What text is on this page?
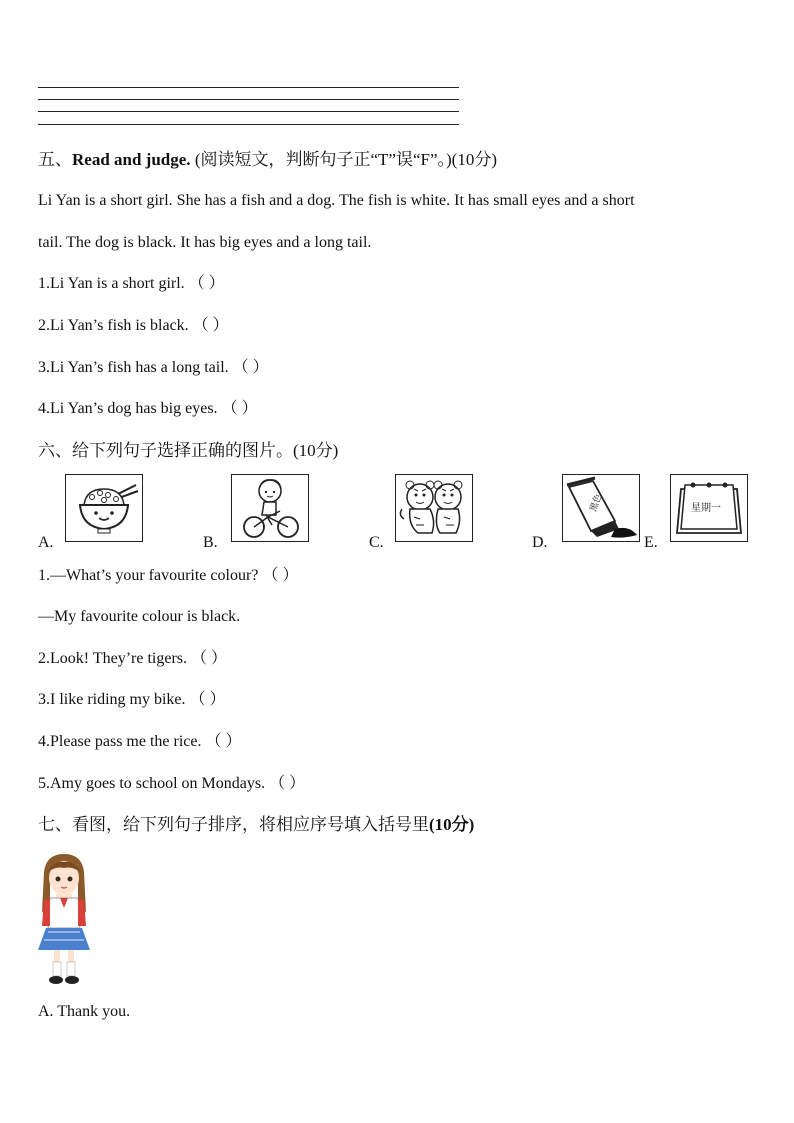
五、Read and judge. (阅读短文，判断句子正“T”误“F”。)(10分)
Li Yan is a short girl. She has a fish and a dog. The fish is white. It has small eyes and a short
tail. The dog is black. It has big eyes and a long tail.
1.Li Yan is a short girl. （ ）
2.Li Yan’s fish is black. （ ）
3.Li Yan’s fish has a long tail. （ ）
4.Li Yan’s dog has big eyes. （ ）
六、给下列句子选择正确的图片。(10分)
A.	B.	C.	D.
黑色
E.
星期一
1.—What’s your favourite colour? （ ）
—My favourite colour is black.
2.Look! They’re tigers. （ ）
3.I like riding my bike. （ ）
4.Please pass me the rice. （ ）
5.Amy goes to school on Mondays. （ ）
七、看图，给下列句子排序，将相应序号填入括号里(10分)
A. Thank you.
